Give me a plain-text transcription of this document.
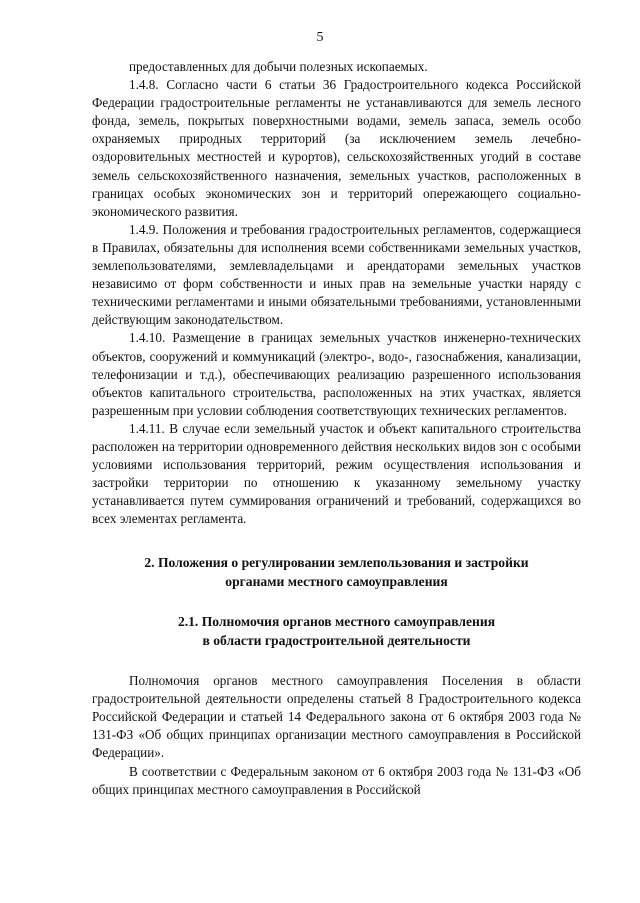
5

предоставленных для добычи полезных ископаемых.

1.4.8. Согласно части 6 статьи 36 Градостроительного кодекса Российской Федерации градостроительные регламенты не устанавливаются для земель лесного фонда, земель, покрытых поверхностными водами, земель запаса, земель особо охраняемых природных территорий (за исключением земель лечебно-оздоровительных местностей и курортов), сельскохозяйственных угодий в составе земель сельскохозяйственного назначения, земельных участков, расположенных в границах особых экономических зон и территорий опережающего социально-экономического развития.

1.4.9. Положения и требования градостроительных регламентов, содержащиеся в Правилах, обязательны для исполнения всеми собственниками земельных участков, землепользователями, землевладельцами и арендаторами земельных участков независимо от форм собственности и иных прав на земельные участки наряду с техническими регламентами и иными обязательными требованиями, установленными действующим законодательством.

1.4.10. Размещение в границах земельных участков инженерно-технических объектов, сооружений и коммуникаций (электро-, водо-, газоснабжения, канализации, телефонизации и т.д.), обеспечивающих реализацию разрешенного использования объектов капитального строительства, расположенных на этих участках, является разрешенным при условии соблюдения соответствующих технических регламентов.

1.4.11. В случае если земельный участок и объект капитального строительства расположен на территории одновременного действия нескольких видов зон с особыми условиями использования территорий, режим осуществления использования и застройки территории по отношению к указанному земельному участку устанавливается путем суммирования ограничений и требований, содержащихся во всех элементах регламента.

2. Положения о регулировании землепользования и застройки
органами местного самоуправления
2.1. Полномочия органов местного самоуправления
в области градостроительной деятельности

Полномочия органов местного самоуправления Поселения в области градостроительной деятельности определены статьей 8 Градостроительного кодекса Российской Федерации и статьей 14 Федерального закона от 6 октября 2003 года № 131-ФЗ «Об общих принципах организации местного самоуправления в Российской Федерации».

В соответствии с Федеральным законом от 6 октября 2003 года № 131-ФЗ «Об общих принципах местного самоуправления в Российской
